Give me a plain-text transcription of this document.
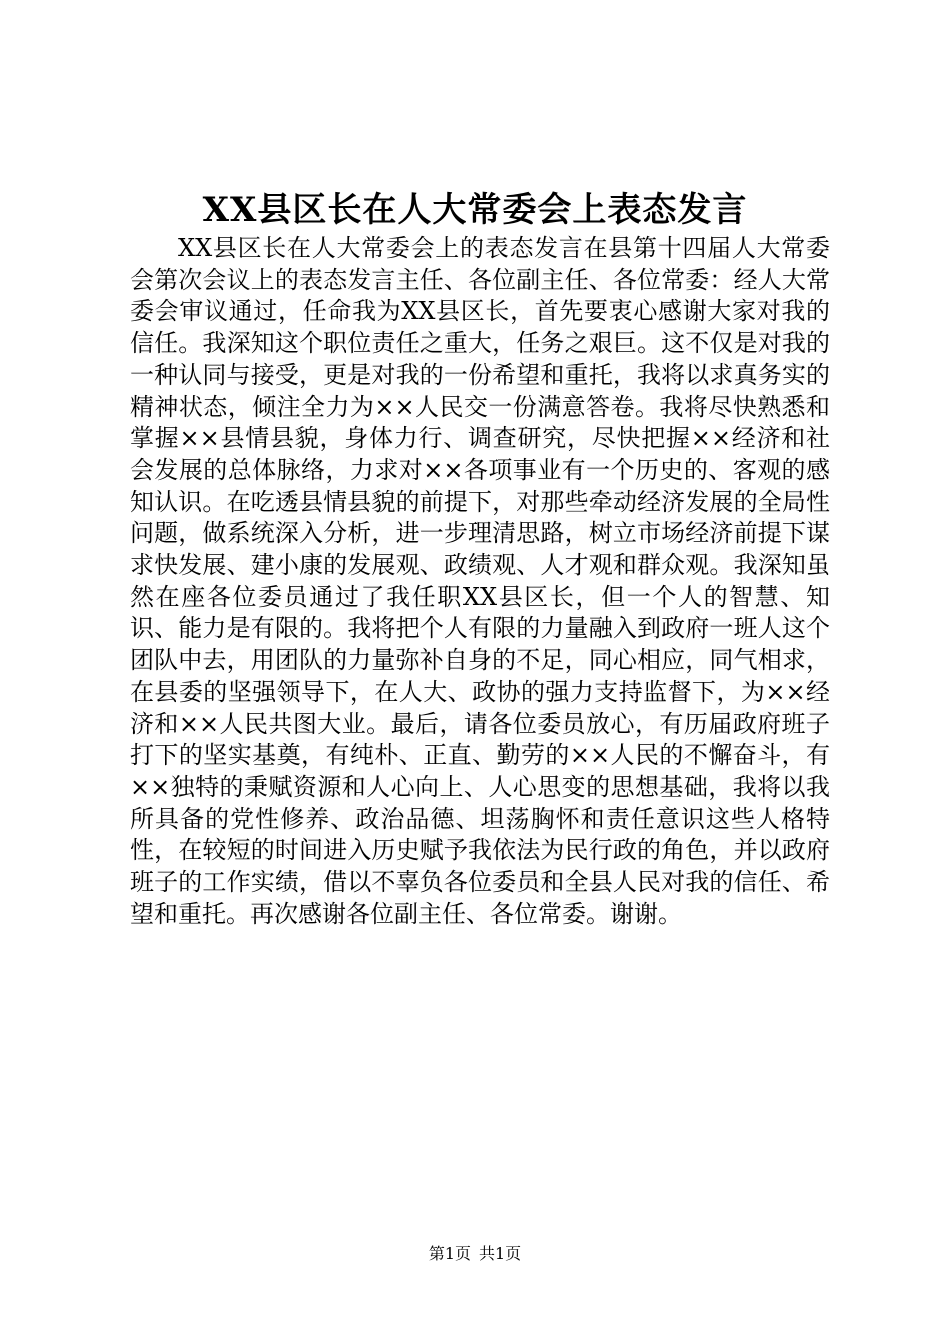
XX县区长在人大常委会上表态发言

XX县区长在人大常委会上的表态发言在县第十四届人大常委会第次会议上的表态发言主任、各位副主任、各位常委：经人大常委会审议通过，任命我为XX县区长，首先要衷心感谢大家对我的信任。我深知这个职位责任之重大，任务之艰巨。这不仅是对我的一种认同与接受，更是对我的一份希望和重托，我将以求真务实的精神状态，倾注全力为××人民交一份满意答卷。我将尽快熟悉和掌握××县情县貌，身体力行、调查研究，尽快把握××经济和社会发展的总体脉络，力求对××各项事业有一个历史的、客观的感知认识。在吃透县情县貌的前提下，对那些牵动经济发展的全局性问题，做系统深入分析，进一步理清思路，树立市场经济前提下谋求快发展、建小康的发展观、政绩观、人才观和群众观。我深知虽然在座各位委员通过了我任职XX县区长，但一个人的智慧、知识、能力是有限的。我将把个人有限的力量融入到政府一班人这个团队中去，用团队的力量弥补自身的不足，同心相应，同气相求，在县委的坚强领导下，在人大、政协的强力支持监督下，为××经济和××人民共图大业。最后，请各位委员放心，有历届政府班子打下的坚实基奠，有纯朴、正直、勤劳的××人民的不懈奋斗，有××独特的秉赋资源和人心向上、人心思变的思想基础，我将以我所具备的党性修养、政治品德、坦荡胸怀和责任意识这些人格特性，在较短的时间进入历史赋予我依法为民行政的角色，并以政府班子的工作实绩，借以不辜负各位委员和全县人民对我的信任、希望和重托。再次感谢各位副主任、各位常委。谢谢。

第1页 共1页
